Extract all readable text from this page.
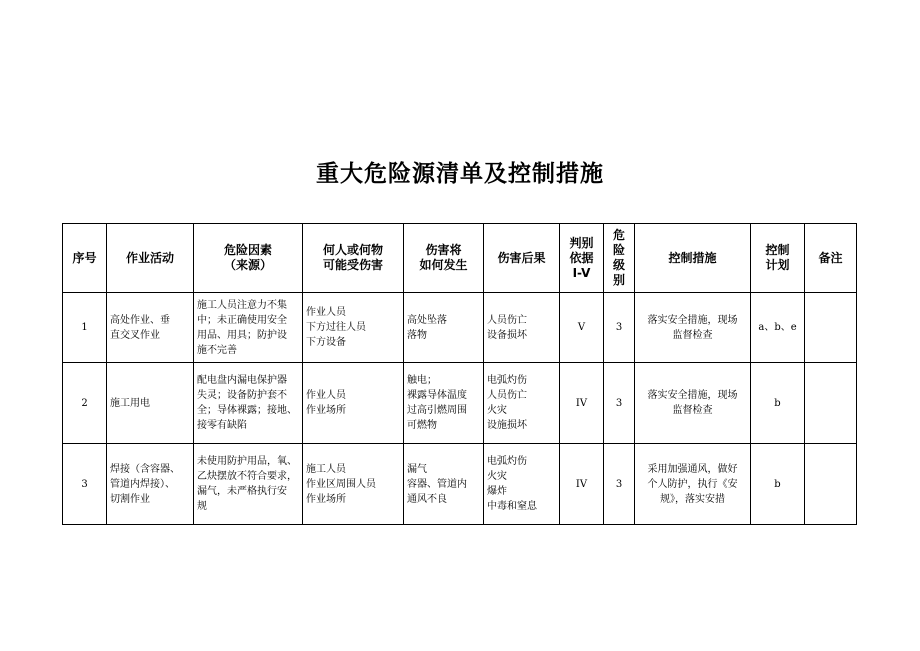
重大危险源清单及控制措施
序号	作业活动	危险因素
（来源）	何人或何物
可能受伤害	伤害将
如何发生	伤害后果	判别
依据
I-V	危
险
级
别	控制措施	控制
计划	备注

1	高处作业、垂
直交叉作业	施工人员注意力不集
中；未正确使用安全
用品、用具；防护设
施不完善	作业人员
下方过往人员
下方设备	高处坠落
落物	人员伤亡
设备损坏	V	3	落实安全措施，现场
监督检查	a、b、e	

2	施工用电	配电盘内漏电保护器
失灵；设备防护套不
全；导体裸露；接地、
接零有缺陷	作业人员
作业场所	触电；
裸露导体温度
过高引燃周围
可燃物	电弧灼伤
人员伤亡
火灾
设施损坏	IV	3	落实安全措施，现场
监督检查	b	

3	焊接（含容器、
管道内焊接）、
切割作业	未使用防护用品，氧、
乙炔摆放不符合要求，
漏气，未严格执行安
规	施工人员
作业区周围人员
作业场所	漏气
容器、管道内
通风不良	电弧灼伤
火灾
爆炸
中毒和窒息	IV	3	采用加强通风，做好
个人防护，执行《安
规》，落实安措	b	
